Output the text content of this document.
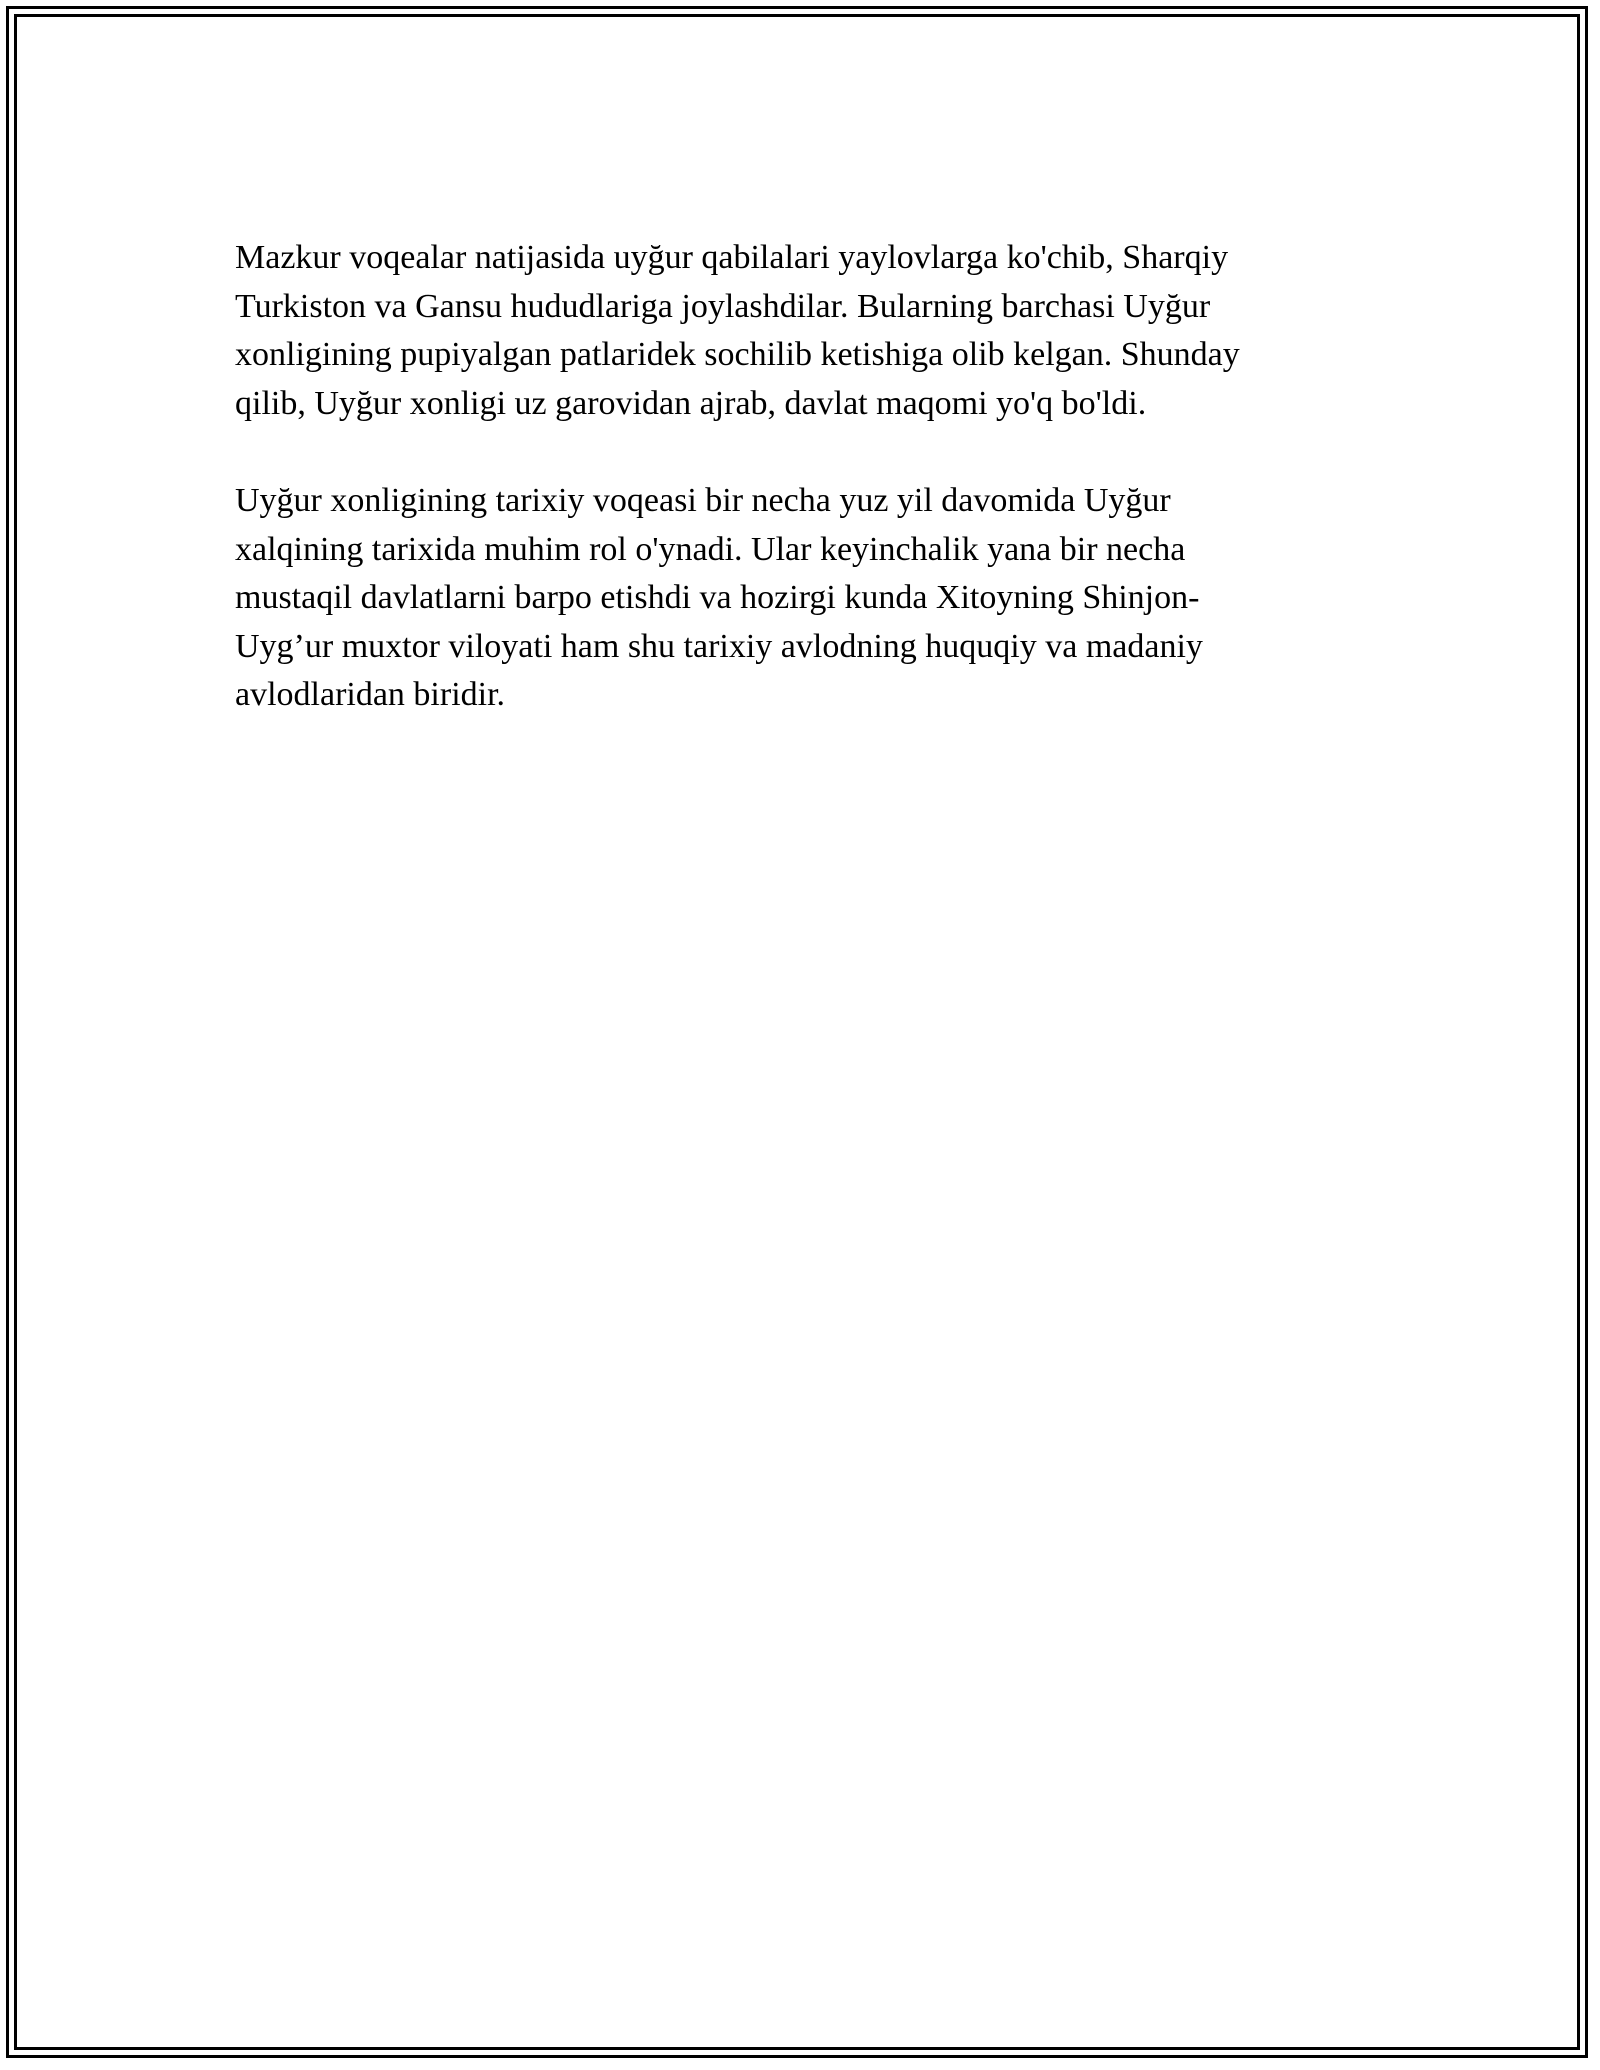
Mazkur voqealar natijasida uyğur qabilalari yaylovlarga ko'chib, Sharqiy
Turkiston va Gansu hududlariga joylashdilar. Bularning barchasi Uyğur
xonligining pupiyalgan patlaridek sochilib ketishiga olib kelgan. Shunday
qilib, Uyğur xonligi uz garovidan ajrab, davlat maqomi yo'q bo'ldi.

Uyğur xonligining tarixiy voqeasi bir necha yuz yil davomida Uyğur
xalqining tarixida muhim rol o'ynadi. Ular keyinchalik yana bir necha
mustaqil davlatlarni barpo etishdi va hozirgi kunda Xitoyning Shinjon-
Uyg’ur muxtor viloyati ham shu tarixiy avlodning huquqiy va madaniy
avlodlaridan biridir.
